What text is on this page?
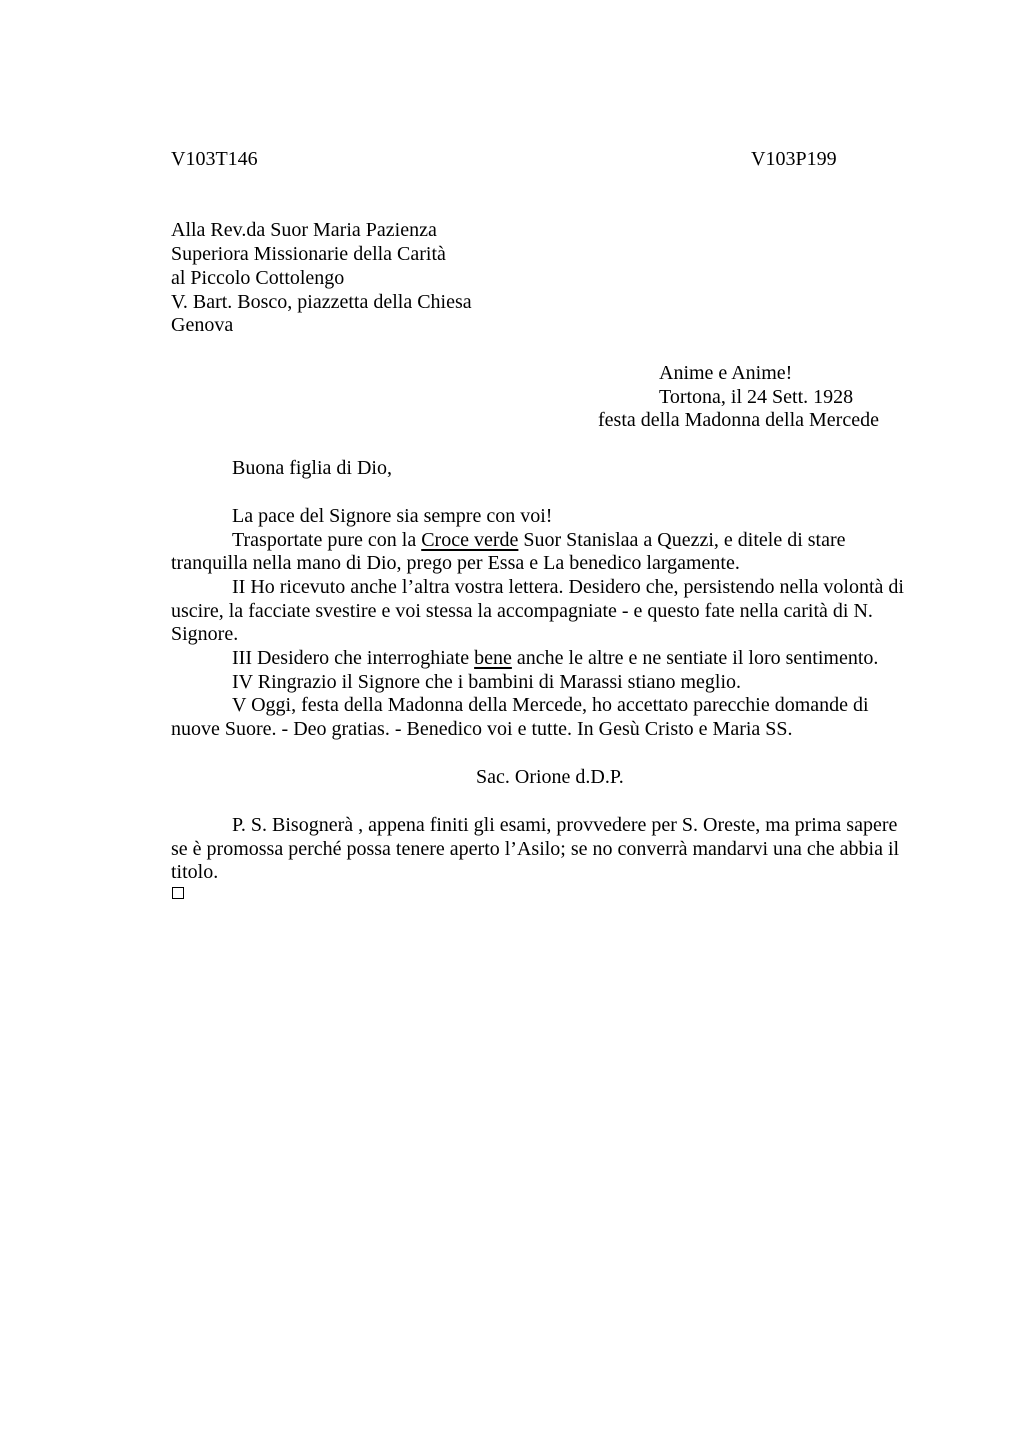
V103T146	V103P199
Alla Rev.da Suor Maria Pazienza
Superiora Missionarie della Carità
al Piccolo Cottolengo
V. Bart. Bosco, piazzetta della Chiesa
Genova
Anime e Anime!
Tortona, il 24 Sett. 1928
festa della Madonna della Mercede
Buona figlia di Dio,
La pace del Signore sia sempre con voi!
Trasportate pure con la Croce verde Suor Stanislaa a Quezzi, e ditele di stare
tranquilla nella mano di Dio, prego per Essa e La benedico largamente.
II Ho ricevuto anche l’altra vostra lettera. Desidero che, persistendo nella volontà di
uscire, la facciate svestire e voi stessa la accompagniate - e questo fate nella carità di N.
Signore.
III Desidero che interroghiate bene anche le altre e ne sentiate il loro sentimento.
IV Ringrazio il Signore che i bambini di Marassi stiano meglio.
V Oggi, festa della Madonna della Mercede, ho accettato parecchie domande di
nuove Suore. - Deo gratias. - Benedico voi e tutte. In Gesù Cristo e Maria SS.
Sac. Orione d.D.P.
P. S. Bisognerà , appena finiti gli esami, provvedere per S. Oreste, ma prima sapere
se è promossa perché possa tenere aperto l’Asilo; se no converrà mandarvi una che abbia il
titolo.
